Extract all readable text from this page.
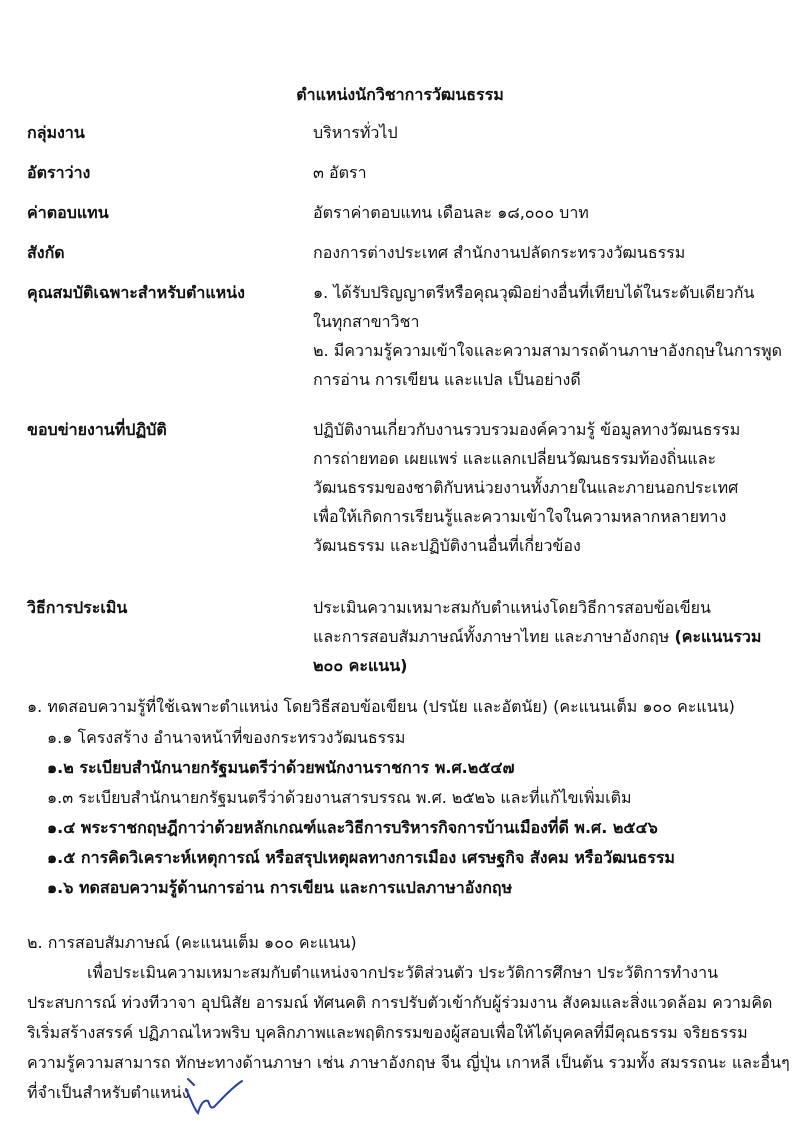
ตำแหน่งนักวิชาการวัฒนธรรม
กลุ่มงาน	บริหารทั่วไป
อัตราว่าง	๓ อัตรา
ค่าตอบแทน	อัตราค่าตอบแทน เดือนละ ๑๘,๐๐๐ บาท
สังกัด	กองการต่างประเทศ สำนักงานปลัดกระทรวงวัฒนธรรม
คุณสมบัติเฉพาะสำหรับตำแหน่ง	๑. ได้รับปริญญาตรีหรือคุณวุฒิอย่างอื่นที่เทียบได้ในระดับเดียวกัน
ในทุกสาขาวิชา
๒. มีความรู้ความเข้าใจและความสามารถด้านภาษาอังกฤษในการพูด
การอ่าน การเขียน และแปล เป็นอย่างดี
ขอบข่ายงานที่ปฏิบัติ	ปฏิบัติงานเกี่ยวกับงานรวบรวมองค์ความรู้ ข้อมูลทางวัฒนธรรม
การถ่ายทอด เผยแพร่ และแลกเปลี่ยนวัฒนธรรมท้องถิ่นและ
วัฒนธรรมของชาติกับหน่วยงานทั้งภายในและภายนอกประเทศ
เพื่อให้เกิดการเรียนรู้และความเข้าใจในความหลากหลายทาง
วัฒนธรรม และปฏิบัติงานอื่นที่เกี่ยวข้อง
วิธีการประเมิน	ประเมินความเหมาะสมกับตำแหน่งโดยวิธีการสอบข้อเขียน
และการสอบสัมภาษณ์ทั้งภาษาไทย และภาษาอังกฤษ (คะแนนรวม
๒๐๐ คะแนน)
๑. ทดสอบความรู้ที่ใช้เฉพาะตำแหน่ง โดยวิธีสอบข้อเขียน (ปรนัย และอัตนัย) (คะแนนเต็ม ๑๐๐ คะแนน)
๑.๑ โครงสร้าง อำนาจหน้าที่ของกระทรวงวัฒนธรรม
๑.๒ ระเบียบสำนักนายกรัฐมนตรีว่าด้วยพนักงานราชการ พ.ศ.๒๕๔๗
๑.๓ ระเบียบสำนักนายกรัฐมนตรีว่าด้วยงานสารบรรณ พ.ศ. ๒๕๒๖ และที่แก้ไขเพิ่มเติม
๑.๔ พระราชกฤษฎีกาว่าด้วยหลักเกณฑ์และวิธีการบริหารกิจการบ้านเมืองที่ดี พ.ศ. ๒๕๔๖
๑.๕ การคิดวิเคราะห์เหตุการณ์ หรือสรุปเหตุผลทางการเมือง เศรษฐกิจ สังคม หรือวัฒนธรรม
๑.๖ ทดสอบความรู้ด้านการอ่าน การเขียน และการแปลภาษาอังกฤษ
๒. การสอบสัมภาษณ์ (คะแนนเต็ม ๑๐๐ คะแนน)
เพื่อประเมินความเหมาะสมกับตำแหน่งจากประวัติส่วนตัว ประวัติการศึกษา ประวัติการทำงาน
ประสบการณ์ ท่วงทีวาจา อุปนิสัย อารมณ์ ทัศนคติ การปรับตัวเข้ากับผู้ร่วมงาน สังคมและสิ่งแวดล้อม ความคิด
ริเริ่มสร้างสรรค์ ปฏิภาณไหวพริบ บุคลิกภาพและพฤติกรรมของผู้สอบเพื่อให้ได้บุคคลที่มีคุณธรรม จริยธรรม
ความรู้ความสามารถ ทักษะทางด้านภาษา เช่น ภาษาอังกฤษ จีน ญี่ปุ่น เกาหลี เป็นต้น รวมทั้ง สมรรถนะ และอื่นๆ
ที่จำเป็นสำหรับตำแหน่ง
